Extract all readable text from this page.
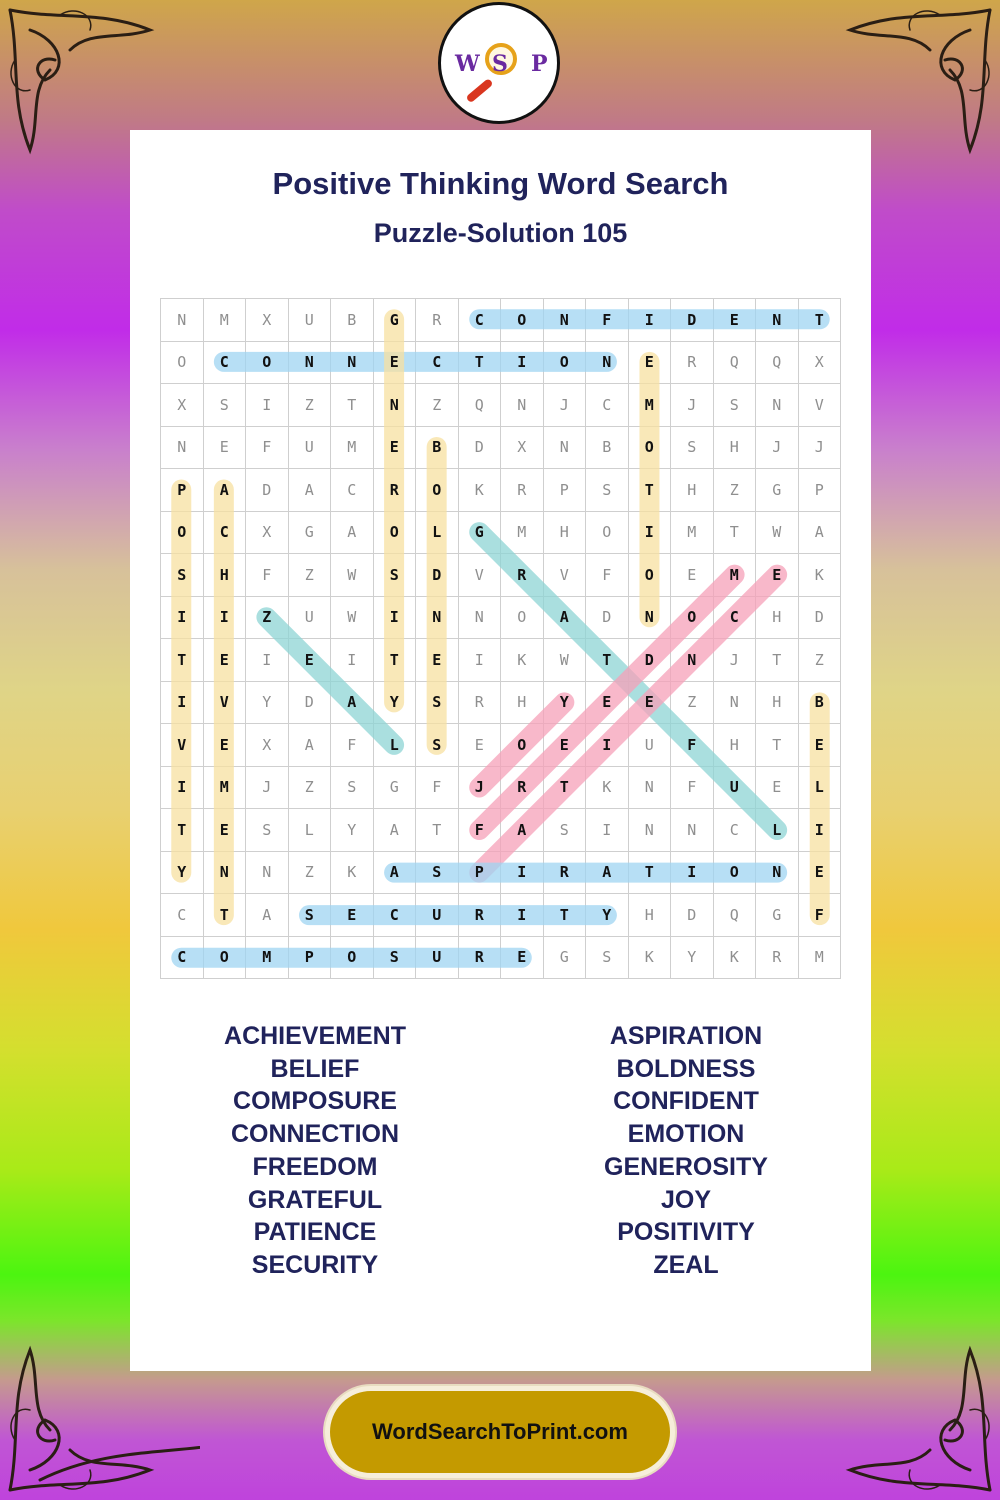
W S P
Positive Thinking Word Search
Puzzle-Solution 105
N	M	X	U	B	G	R	C	O	N	F	I	D	E	N	T
O	C	O	N	N	E	C	T	I	O	N	E	R	Q	Q	X
X	S	I	Z	T	N	Z	Q	N	J	C	M	J	S	N	V
N	E	F	U	M	E	B	D	X	N	B	O	S	H	J	J
P	A	D	A	C	R	O	K	R	P	S	T	H	Z	G	P
O	C	X	G	A	O	L	G	M	H	O	I	M	T	W	A
S	H	F	Z	W	S	D	V	R	V	F	O	E	M	E	K
I	I	Z	U	W	I	N	N	O	A	D	N	O	C	H	D
T	E	I	E	I	T	E	I	K	W	T	D	N	J	T	Z
I	V	Y	D	A	Y	S	R	H	Y	E	E	Z	N	H	B
V	E	X	A	F	L	S	E	O	E	I	U	F	H	T	E
I	M	J	Z	S	G	F	J	R	T	K	N	F	U	E	L
T	E	S	L	Y	A	T	F	A	S	I	N	N	C	L	I
Y	N	N	Z	K	A	S	P	I	R	A	T	I	O	N	E
C	T	A	S	E	C	U	R	I	T	Y	H	D	Q	G	F
C	O	M	P	O	S	U	R	E	G	S	K	Y	K	R	M
ACHIEVEMENT
BELIEF
COMPOSURE
CONNECTION
FREEDOM
GRATEFUL
PATIENCE
SECURITY
ASPIRATION
BOLDNESS
CONFIDENT
EMOTION
GENEROSITY
JOY
POSITIVITY
ZEAL
WordSearchToPrint.com
